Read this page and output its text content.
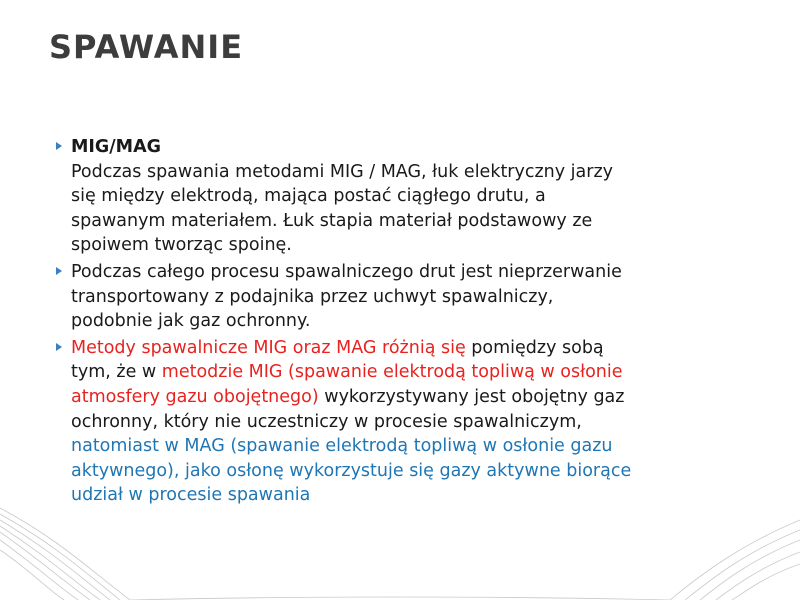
SPAWANIE
MIG/MAG
Podczas spawania metodami MIG / MAG, łuk elektryczny jarzy
się między elektrodą, mająca postać ciągłego drutu, a
spawanym materiałem. Łuk stapia materiał podstawowy ze
spoiwem tworząc spoinę.
Podczas całego procesu spawalniczego drut jest nieprzerwanie
transportowany z podajnika przez uchwyt spawalniczy,
podobnie jak gaz ochronny.
Metody spawalnicze MIG oraz MAG różnią się pomiędzy sobą
tym, że w metodzie MIG (spawanie elektrodą topliwą w osłonie
atmosfery gazu obojętnego) wykorzystywany jest obojętny gaz
ochronny, który nie uczestniczy w procesie spawalniczym,
natomiast w MAG (spawanie elektrodą topliwą w osłonie gazu
aktywnego), jako osłonę wykorzystuje się gazy aktywne biorące
udział w procesie spawania
